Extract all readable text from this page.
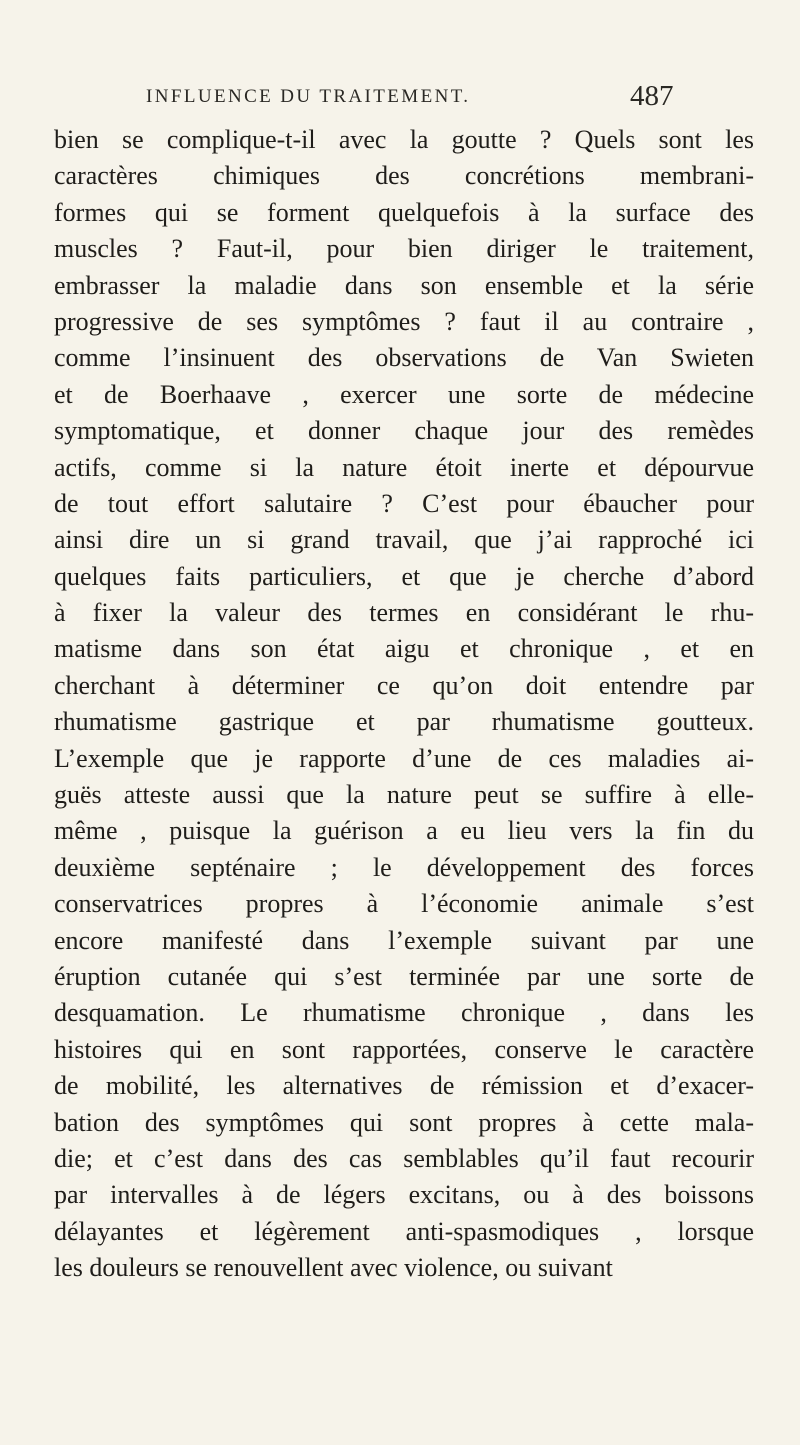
INFLUENCE DU TRAITEMENT.	487
bien se complique-t-il avec la goutte ? Quels sont les
caractères chimiques des concrétions membrani-
formes qui se forment quelquefois à la surface des
muscles ? Faut-il, pour bien diriger le traitement,
embrasser la maladie dans son ensemble et la série
progressive de ses symptômes ? faut il au contraire ,
comme l’insinuent des observations de Van Swieten
et de Boerhaave , exercer une sorte de médecine
symptomatique, et donner chaque jour des remèdes
actifs, comme si la nature étoit inerte et dépourvue
de tout effort salutaire ? C’est pour ébaucher pour
ainsi dire un si grand travail, que j’ai rapproché ici
quelques faits particuliers, et que je cherche d’abord
à fixer la valeur des termes en considérant le rhu-
matisme dans son état aigu et chronique , et en
cherchant à déterminer ce qu’on doit entendre par
rhumatisme gastrique et par rhumatisme goutteux.
L’exemple que je rapporte d’une de ces maladies ai-
guës atteste aussi que la nature peut se suffire à elle-
même , puisque la guérison a eu lieu vers la fin du
deuxième septénaire ; le développement des forces
conservatrices propres à l’économie animale s’est
encore manifesté dans l’exemple suivant par une
éruption cutanée qui s’est terminée par une sorte de
desquamation. Le rhumatisme chronique , dans les
histoires qui en sont rapportées, conserve le caractère
de mobilité, les alternatives de rémission et d’exacer-
bation des symptômes qui sont propres à cette mala-
die; et c’est dans des cas semblables qu’il faut recourir
par intervalles à de légers excitans, ou à des boissons
délayantes et légèrement anti-spasmodiques , lorsque
les douleurs se renouvellent avec violence, ou suivant
